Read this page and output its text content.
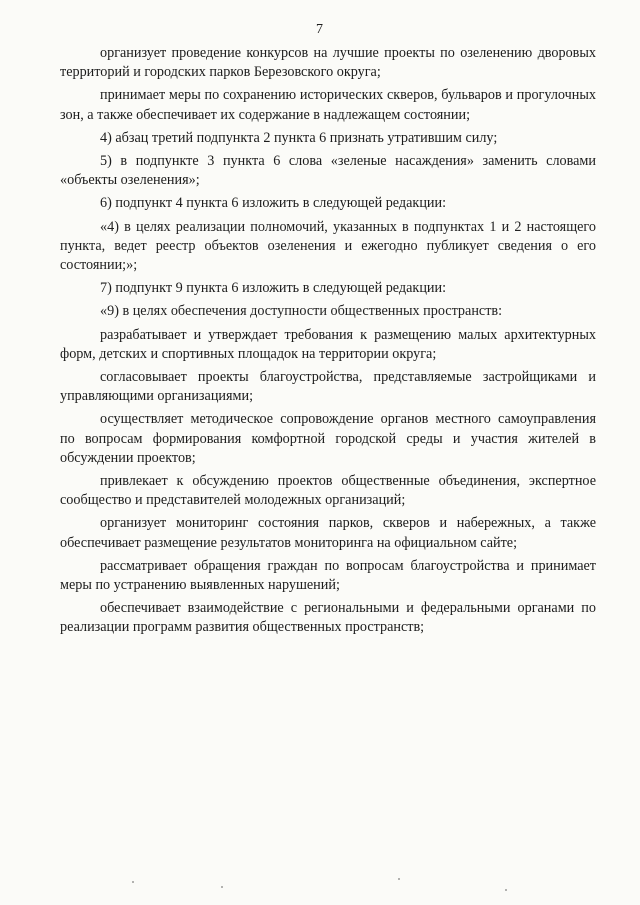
7

организует проведение конкурсов на лучшие проекты по озеленению дворовых территорий и городских парков Березовского округа;

принимает меры по сохранению исторических скверов, бульваров и прогулочных зон, а также обеспечивает их содержание в надлежащем состоянии;

4) абзац третий подпункта 2 пункта 6 признать утратившим силу;

5) в подпункте 3 пункта 6 слова «зеленые насаждения» заменить словами «объекты озеленения»;

6) подпункт 4 пункта 6 изложить в следующей редакции:

«4) в целях реализации полномочий, указанных в подпунктах 1 и 2 настоящего пункта, ведет реестр объектов озеленения и ежегодно публикует сведения о его состоянии;»;

7) подпункт 9 пункта 6 изложить в следующей редакции:

«9) в целях обеспечения доступности общественных пространств:

разрабатывает и утверждает требования к размещению малых архитектурных форм, детских и спортивных площадок на территории округа;

согласовывает проекты благоустройства, представляемые застройщиками и управляющими организациями;

осуществляет методическое сопровождение органов местного самоуправления по вопросам формирования комфортной городской среды и участия жителей в обсуждении проектов;

привлекает к обсуждению проектов общественные объединения, экспертное сообщество и представителей молодежных организаций;

организует мониторинг состояния парков, скверов и набережных, а также обеспечивает размещение результатов мониторинга на официальном сайте;

рассматривает обращения граждан по вопросам благоустройства и принимает меры по устранению выявленных нарушений;

обеспечивает взаимодействие с региональными и федеральными органами по реализации программ развития общественных пространств;
